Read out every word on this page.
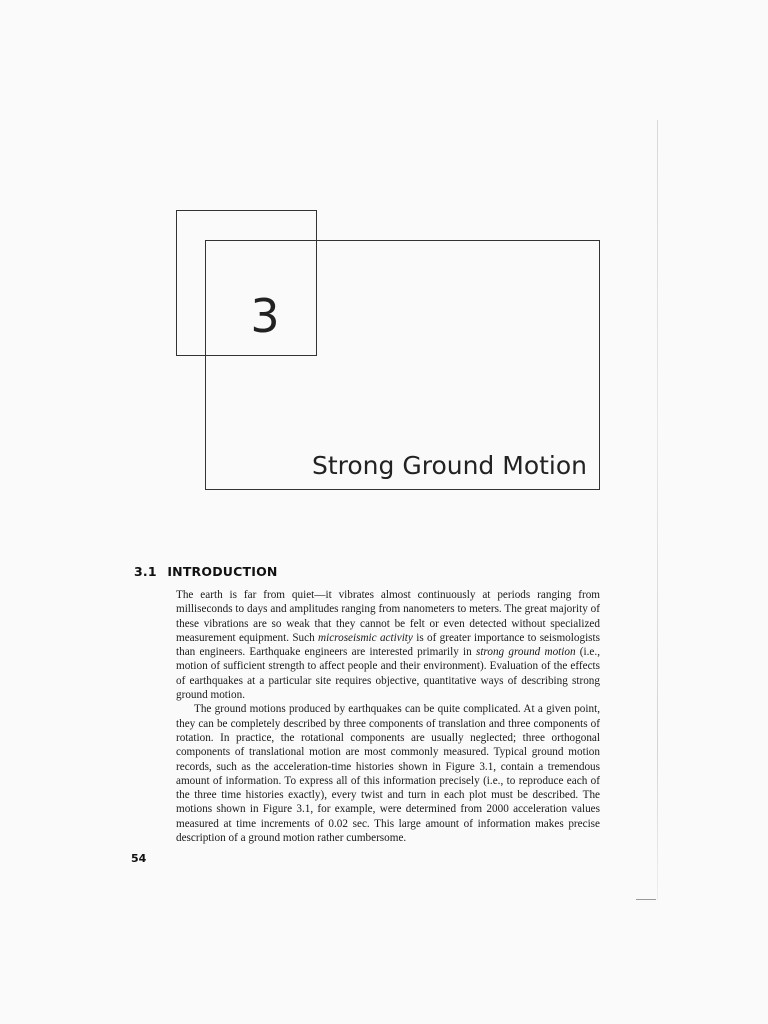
3
Strong Ground Motion
3.1 INTRODUCTION

The earth is far from quiet—it vibrates almost continuously at periods ranging from milliseconds to days and amplitudes ranging from nanometers to meters. The great majority of these vibrations are so weak that they cannot be felt or even detected without specialized measurement equipment. Such microseismic activity is of greater importance to seismologists than engineers. Earthquake engineers are interested primarily in strong ground motion (i.e., motion of sufficient strength to affect people and their environment). Evaluation of the effects of earthquakes at a particular site requires objective, quantitative ways of describing strong ground motion.

The ground motions produced by earthquakes can be quite complicated. At a given point, they can be completely described by three components of translation and three components of rotation. In practice, the rotational components are usually neglected; three orthogonal components of translational motion are most commonly measured. Typical ground motion records, such as the acceleration-time histories shown in Figure 3.1, contain a tremendous amount of information. To express all of this information precisely (i.e., to reproduce each of the three time histories exactly), every twist and turn in each plot must be described. The motions shown in Figure 3.1, for example, were determined from 2000 acceleration values measured at time increments of 0.02 sec. This large amount of information makes precise description of a ground motion rather cumbersome.

54
